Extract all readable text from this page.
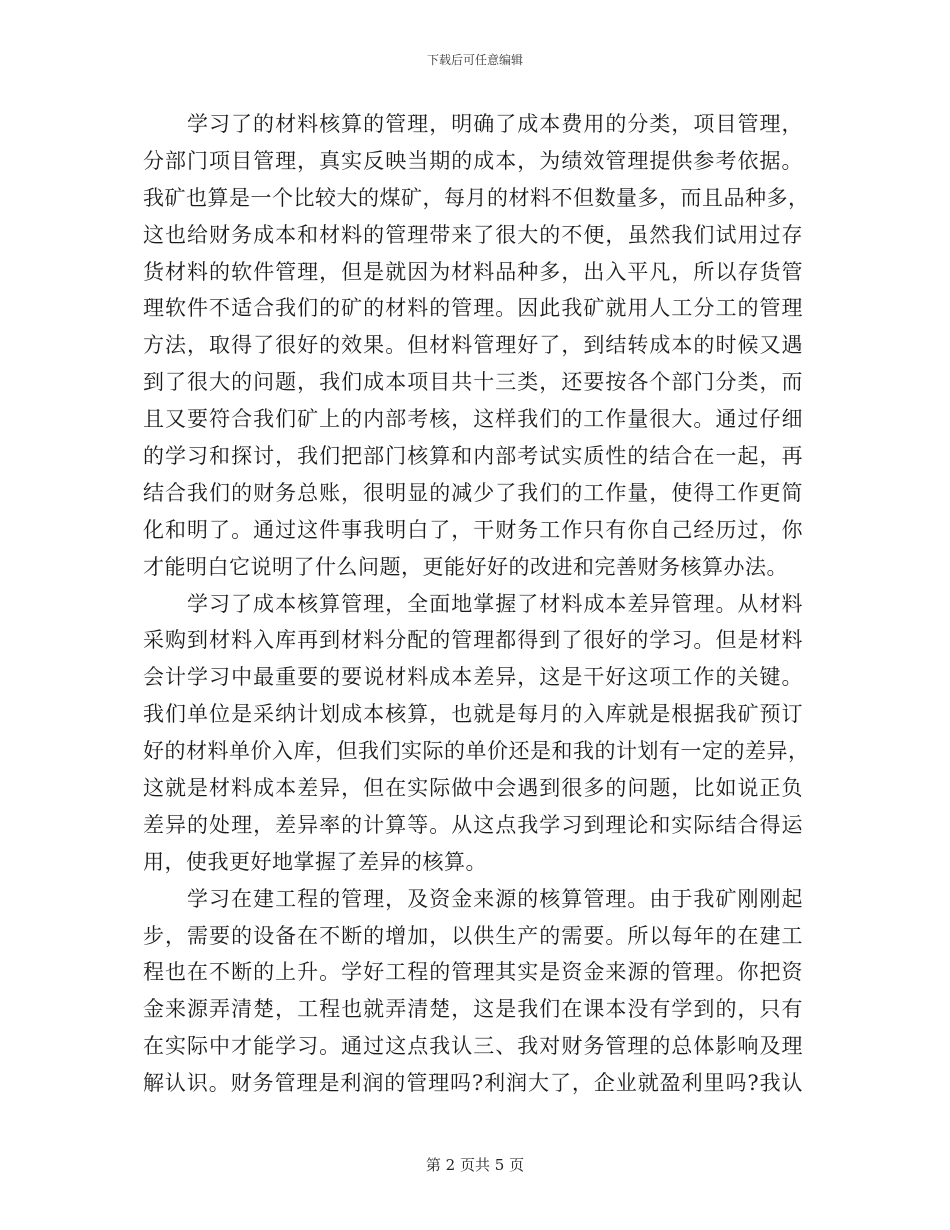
下载后可任意编辑
学习了的材料核算的管理，明确了成本费用的分类，项目管理，
分部门项目管理，真实反映当期的成本，为绩效管理提供参考依据。
我矿也算是一个比较大的煤矿，每月的材料不但数量多，而且品种多，
这也给财务成本和材料的管理带来了很大的不便，虽然我们试用过存
货材料的软件管理，但是就因为材料品种多，出入平凡，所以存货管
理软件不适合我们的矿的材料的管理。因此我矿就用人工分工的管理
方法，取得了很好的效果。但材料管理好了，到结转成本的时候又遇
到了很大的问题，我们成本项目共十三类，还要按各个部门分类，而
且又要符合我们矿上的内部考核，这样我们的工作量很大。通过仔细
的学习和探讨，我们把部门核算和内部考试实质性的结合在一起，再
结合我们的财务总账，很明显的减少了我们的工作量，使得工作更简
化和明了。通过这件事我明白了，干财务工作只有你自己经历过，你
才能明白它说明了什么问题，更能好好的改进和完善财务核算办法。
学习了成本核算管理，全面地掌握了材料成本差异管理。从材料
采购到材料入库再到材料分配的管理都得到了很好的学习。但是材料
会计学习中最重要的要说材料成本差异，这是干好这项工作的关键。
我们单位是采纳计划成本核算，也就是每月的入库就是根据我矿预订
好的材料单价入库，但我们实际的单价还是和我的计划有一定的差异，
这就是材料成本差异，但在实际做中会遇到很多的问题，比如说正负
差异的处理，差异率的计算等。从这点我学习到理论和实际结合得运
用，使我更好地掌握了差异的核算。
学习在建工程的管理，及资金来源的核算管理。由于我矿刚刚起
步，需要的设备在不断的增加，以供生产的需要。所以每年的在建工
程也在不断的上升。学好工程的管理其实是资金来源的管理。你把资
金来源弄清楚，工程也就弄清楚，这是我们在课本没有学到的，只有
在实际中才能学习。通过这点我认三、我对财务管理的总体影响及理
解认识。财务管理是利润的管理吗?利润大了，企业就盈利里吗?我认
第 2 页共 5 页
